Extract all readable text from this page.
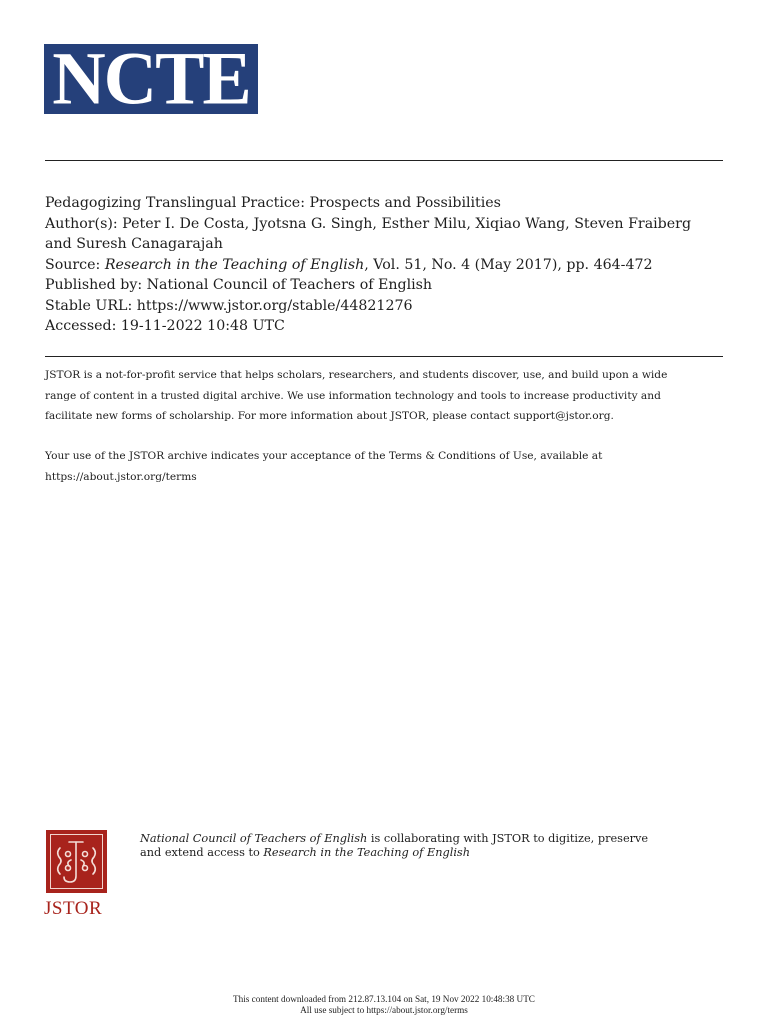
NCTE
Pedagogizing Translingual Practice: Prospects and Possibilities
Author(s): Peter I. De Costa, Jyotsna G. Singh, Esther Milu, Xiqiao Wang, Steven Fraiberg
and Suresh Canagarajah
Source: Research in the Teaching of English, Vol. 51, No. 4 (May 2017), pp. 464-472
Published by: National Council of Teachers of English
Stable URL: https://www.jstor.org/stable/44821276
Accessed: 19-11-2022 10:48 UTC
JSTOR is a not-for-profit service that helps scholars, researchers, and students discover, use, and build upon a wide
range of content in a trusted digital archive. We use information technology and tools to increase productivity and
facilitate new forms of scholarship. For more information about JSTOR, please contact support@jstor.org.
Your use of the JSTOR archive indicates your acceptance of the Terms & Conditions of Use, available at
https://about.jstor.org/terms
JSTOR
National Council of Teachers of English is collaborating with JSTOR to digitize, preserve
and extend access to Research in the Teaching of English
This content downloaded from 212.87.13.104 on Sat, 19 Nov 2022 10:48:38 UTC
All use subject to https://about.jstor.org/terms
